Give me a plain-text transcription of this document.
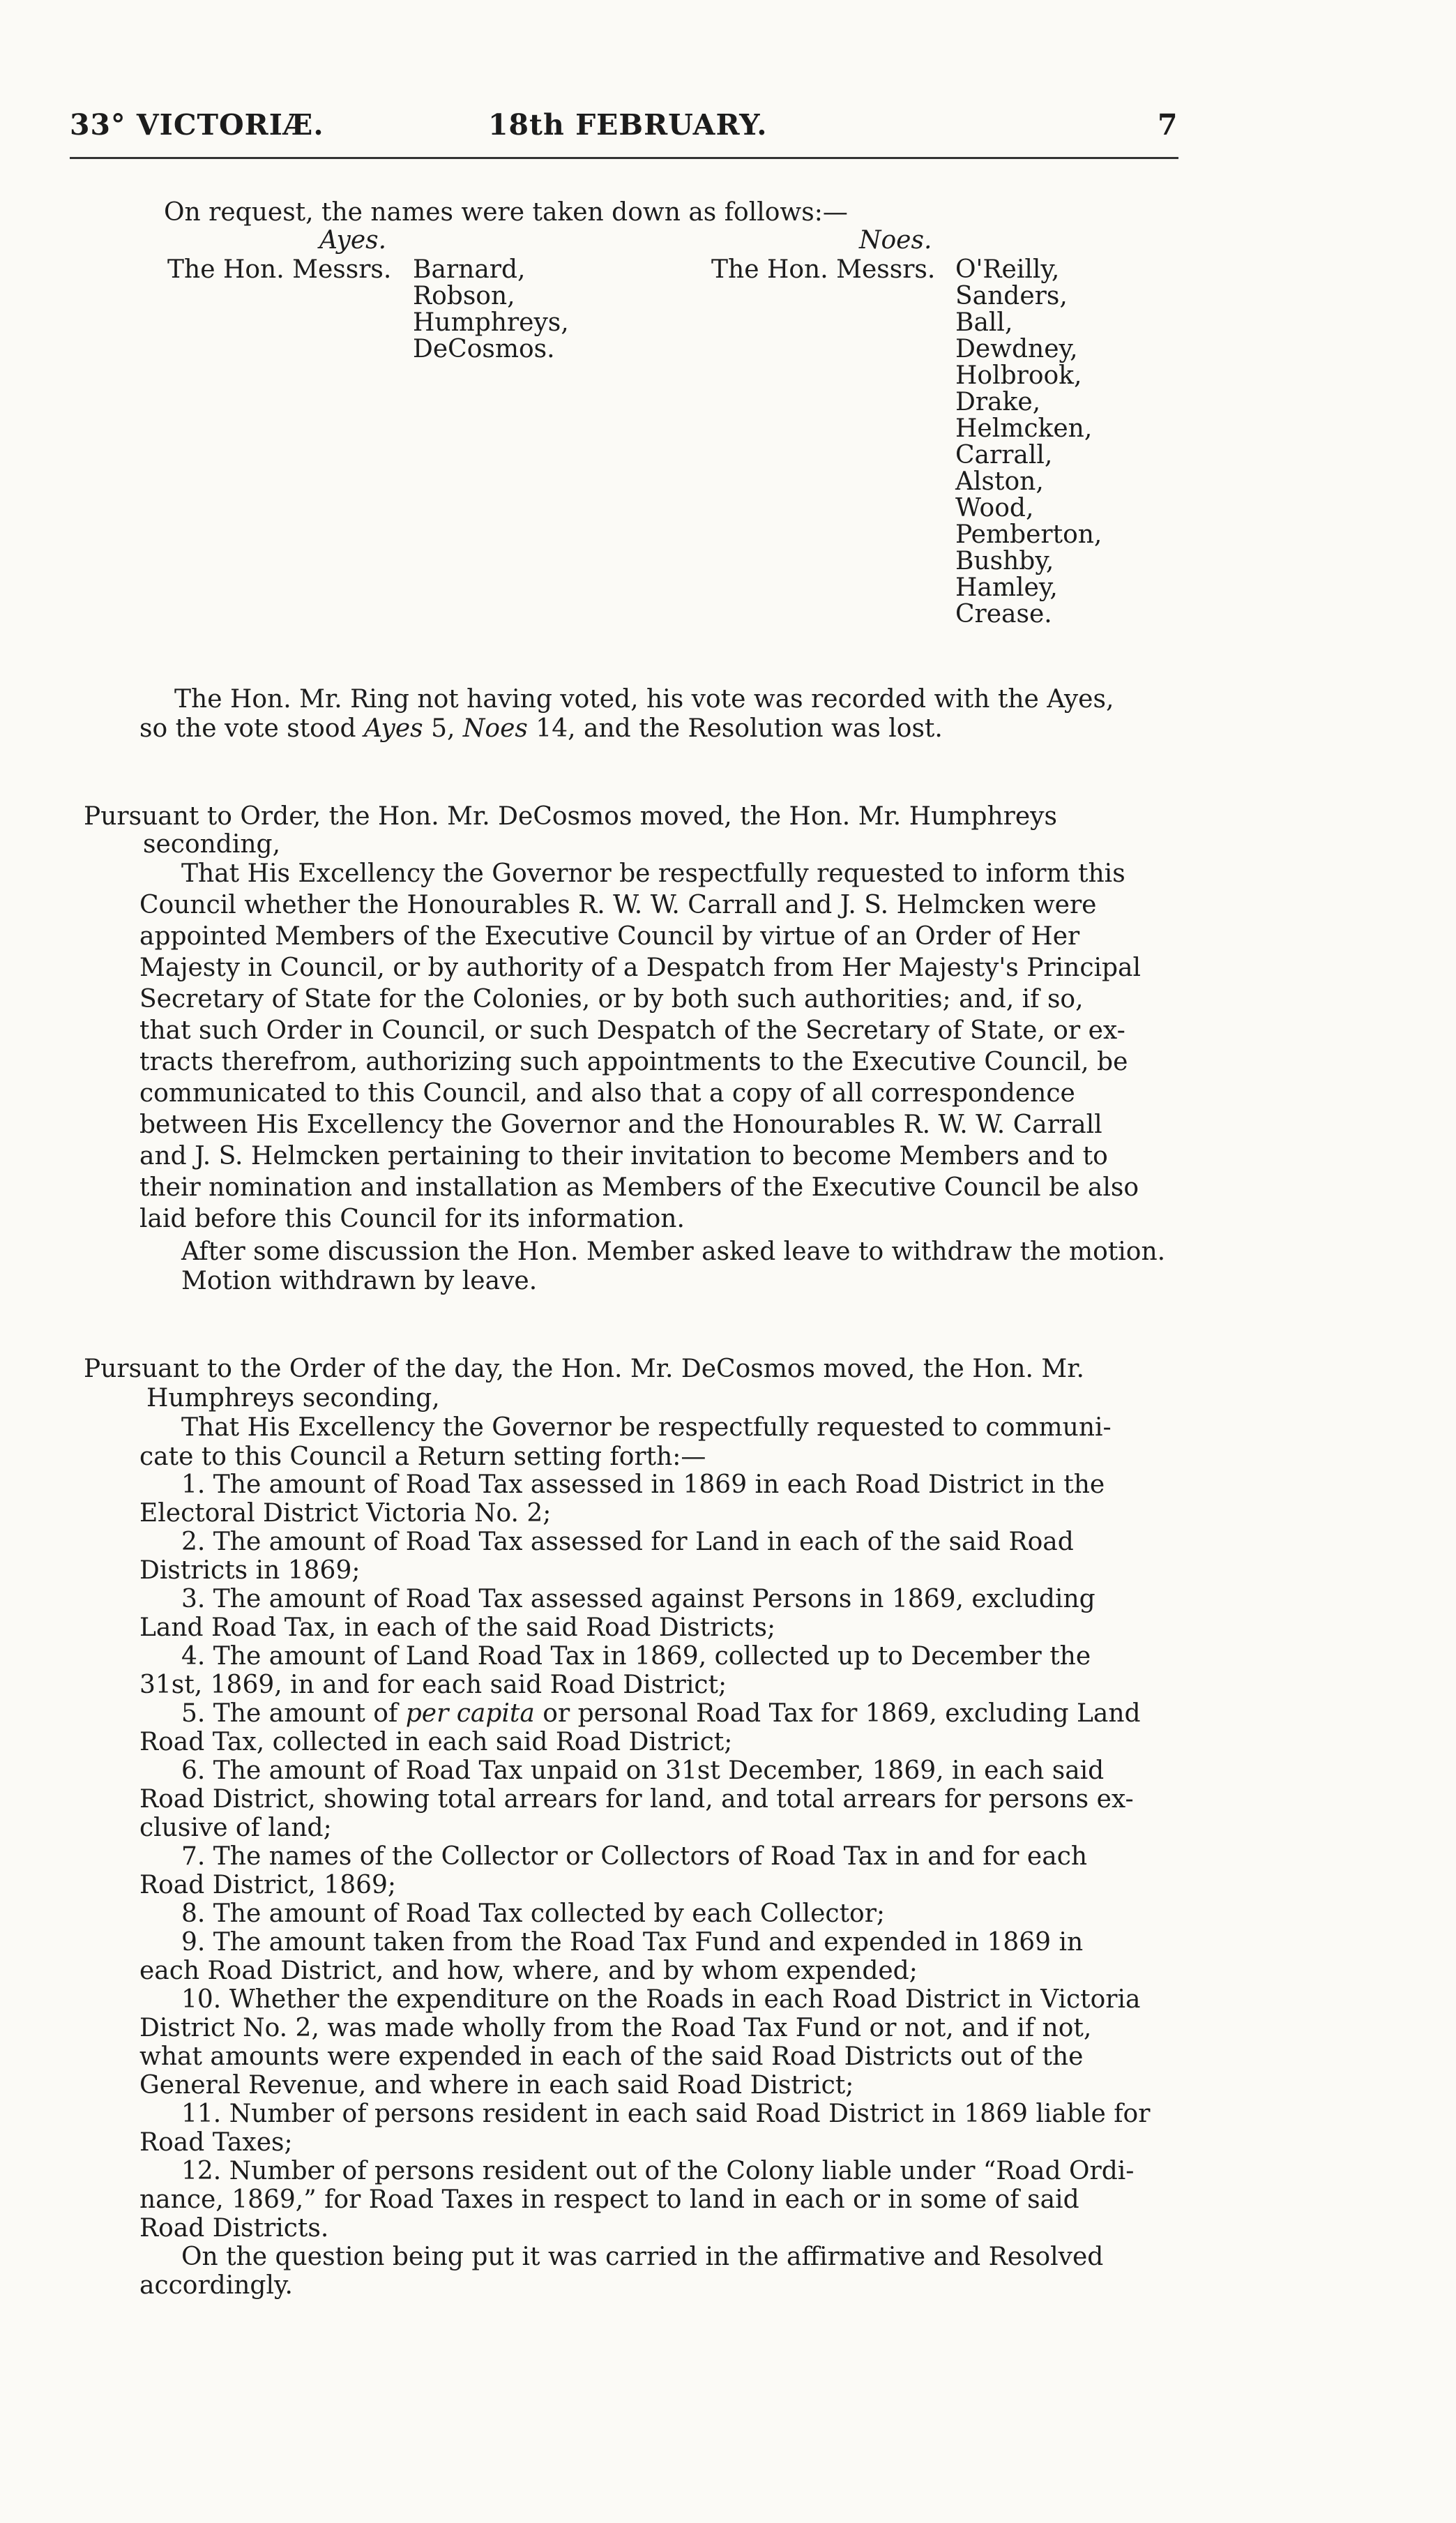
33° VICTORIÆ.	18th FEBRUARY.	7
On request, the names were taken down as follows:—
Ayes.	Noes.
The Hon. Messrs. Barnard,
Robson,
Humphreys,
DeCosmos.
The Hon. Messrs. O'Reilly,
Sanders,
Ball,
Dewdney,
Holbrook,
Drake,
Helmcken,
Carrall,
Alston,
Wood,
Pemberton,
Bushby,
Hamley,
Crease.
The Hon. Mr. Ring not having voted, his vote was recorded with the Ayes,
so the vote stood Ayes 5, Noes 14, and the Resolution was lost.
Pursuant to Order, the Hon. Mr. DeCosmos moved, the Hon. Mr. Humphreys
seconding,
That His Excellency the Governor be respectfully requested to inform this
Council whether the Honourables R. W. W. Carrall and J. S. Helmcken were
appointed Members of the Executive Council by virtue of an Order of Her
Majesty in Council, or by authority of a Despatch from Her Majesty's Principal
Secretary of State for the Colonies, or by both such authorities; and, if so,
that such Order in Council, or such Despatch of the Secretary of State, or ex-
tracts therefrom, authorizing such appointments to the Executive Council, be
communicated to this Council, and also that a copy of all correspondence
between His Excellency the Governor and the Honourables R. W. W. Carrall
and J. S. Helmcken pertaining to their invitation to become Members and to
their nomination and installation as Members of the Executive Council be also
laid before this Council for its information.
After some discussion the Hon. Member asked leave to withdraw the motion.
Motion withdrawn by leave.
Pursuant to the Order of the day, the Hon. Mr. DeCosmos moved, the Hon. Mr.
Humphreys seconding,
That His Excellency the Governor be respectfully requested to communi-
cate to this Council a Return setting forth:—
1. The amount of Road Tax assessed in 1869 in each Road District in the
Electoral District Victoria No. 2;
2. The amount of Road Tax assessed for Land in each of the said Road
Districts in 1869;
3. The amount of Road Tax assessed against Persons in 1869, excluding
Land Road Tax, in each of the said Road Districts;
4. The amount of Land Road Tax in 1869, collected up to December the
31st, 1869, in and for each said Road District;
5. The amount of per capita or personal Road Tax for 1869, excluding Land
Road Tax, collected in each said Road District;
6. The amount of Road Tax unpaid on 31st December, 1869, in each said
Road District, showing total arrears for land, and total arrears for persons ex-
clusive of land;
7. The names of the Collector or Collectors of Road Tax in and for each
Road District, 1869;
8. The amount of Road Tax collected by each Collector;
9. The amount taken from the Road Tax Fund and expended in 1869 in
each Road District, and how, where, and by whom expended;
10. Whether the expenditure on the Roads in each Road District in Victoria
District No. 2, was made wholly from the Road Tax Fund or not, and if not,
what amounts were expended in each of the said Road Districts out of the
General Revenue, and where in each said Road District;
11. Number of persons resident in each said Road District in 1869 liable for
Road Taxes;
12. Number of persons resident out of the Colony liable under “Road Ordi-
nance, 1869,” for Road Taxes in respect to land in each or in some of said
Road Districts.
On the question being put it was carried in the affirmative and Resolved
accordingly.
